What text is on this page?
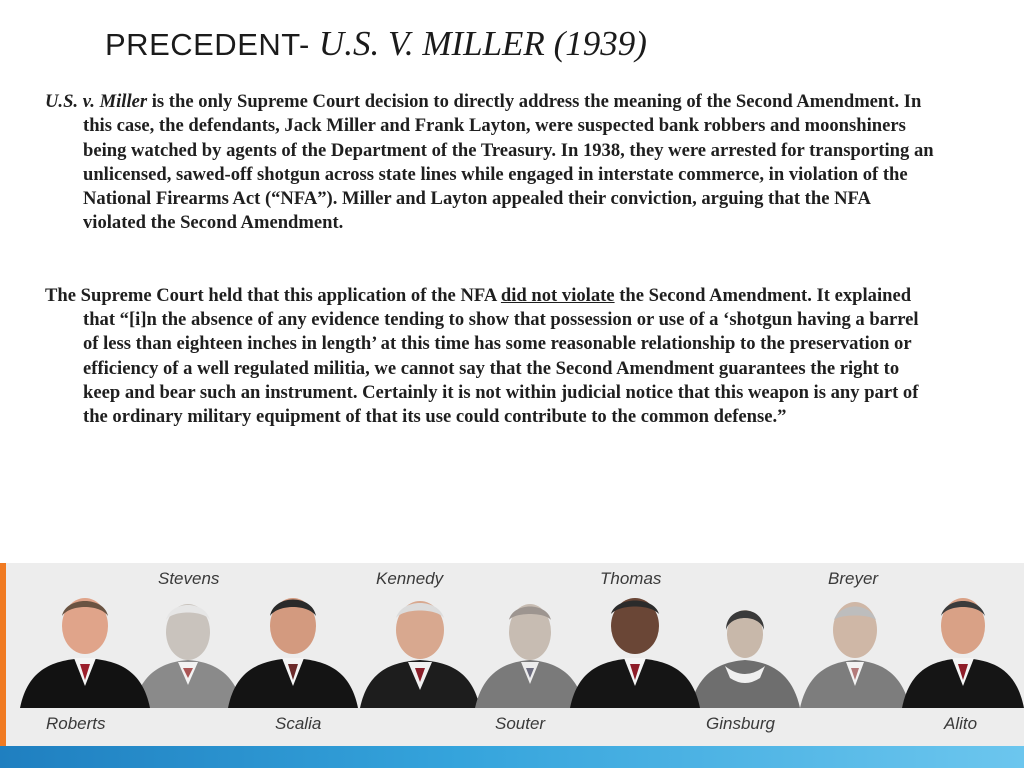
PRECEDENT- U.S. V. MILLER (1939)

U.S. v. Miller is the only Supreme Court decision to directly address the meaning of the Second Amendment. In this case, the defendants, Jack Miller and Frank Layton, were suspected bank robbers and moonshiners being watched by agents of the Department of the Treasury. In 1938, they were arrested for transporting an unlicensed, sawed-off shotgun across state lines while engaged in interstate commerce, in violation of the National Firearms Act (“NFA”). Miller and Layton appealed their conviction, arguing that the NFA violated the Second Amendment.

The Supreme Court held that this application of the NFA did not violate the Second Amendment. It explained that “[i]n the absence of any evidence tending to show that possession or use of a ‘shotgun having a barrel of less than eighteen inches in length’ at this time has some reasonable relationship to the preservation or efficiency of a well regulated militia, we cannot say that the Second Amendment guarantees the right to keep and bear such an instrument. Certainly it is not within judicial notice that this weapon is any part of the ordinary military equipment of that its use could contribute to the common defense.”

Stevens	Kennedy	Thomas	Breyer
Roberts	Scalia	Souter	Ginsburg	Alito
